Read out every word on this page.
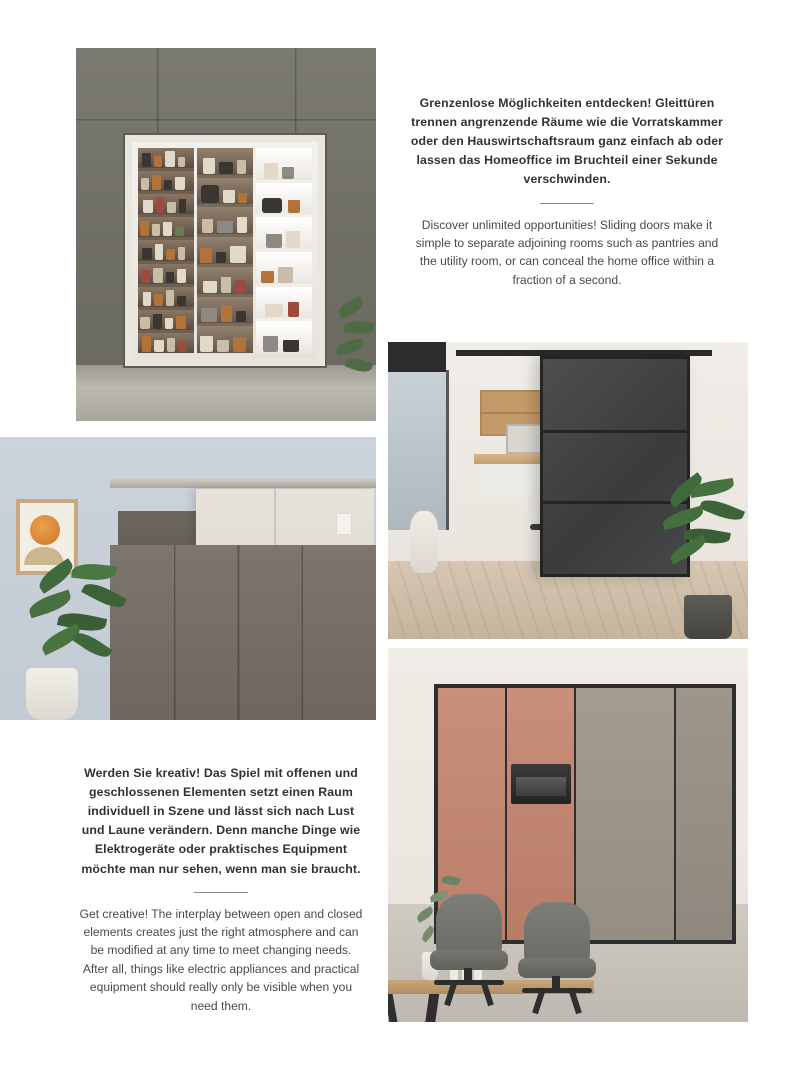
Grenzenlose Möglichkeiten entdecken! Gleittüren trennen angrenzende Räume wie die Vorratskammer oder den Hauswirtschaftsraum ganz einfach ab oder lassen das Homeoffice im Bruchteil einer Sekunde verschwinden.

Discover unlimited opportunities! Sliding doors make it simple to separate adjoining rooms such as pantries and the utility room, or can conceal the home office within a fraction of a second.

Werden Sie kreativ! Das Spiel mit offenen und geschlossenen Elementen setzt einen Raum individuell in Szene und lässt sich nach Lust und Laune verändern. Denn manche Dinge wie Elektrogeräte oder praktisches Equipment möchte man nur sehen, wenn man sie braucht.

Get creative! The interplay between open and closed elements creates just the right atmosphere and can be modified at any time to meet changing needs. After all, things like electric appliances and practical equipment should really only be visible when you need them.
